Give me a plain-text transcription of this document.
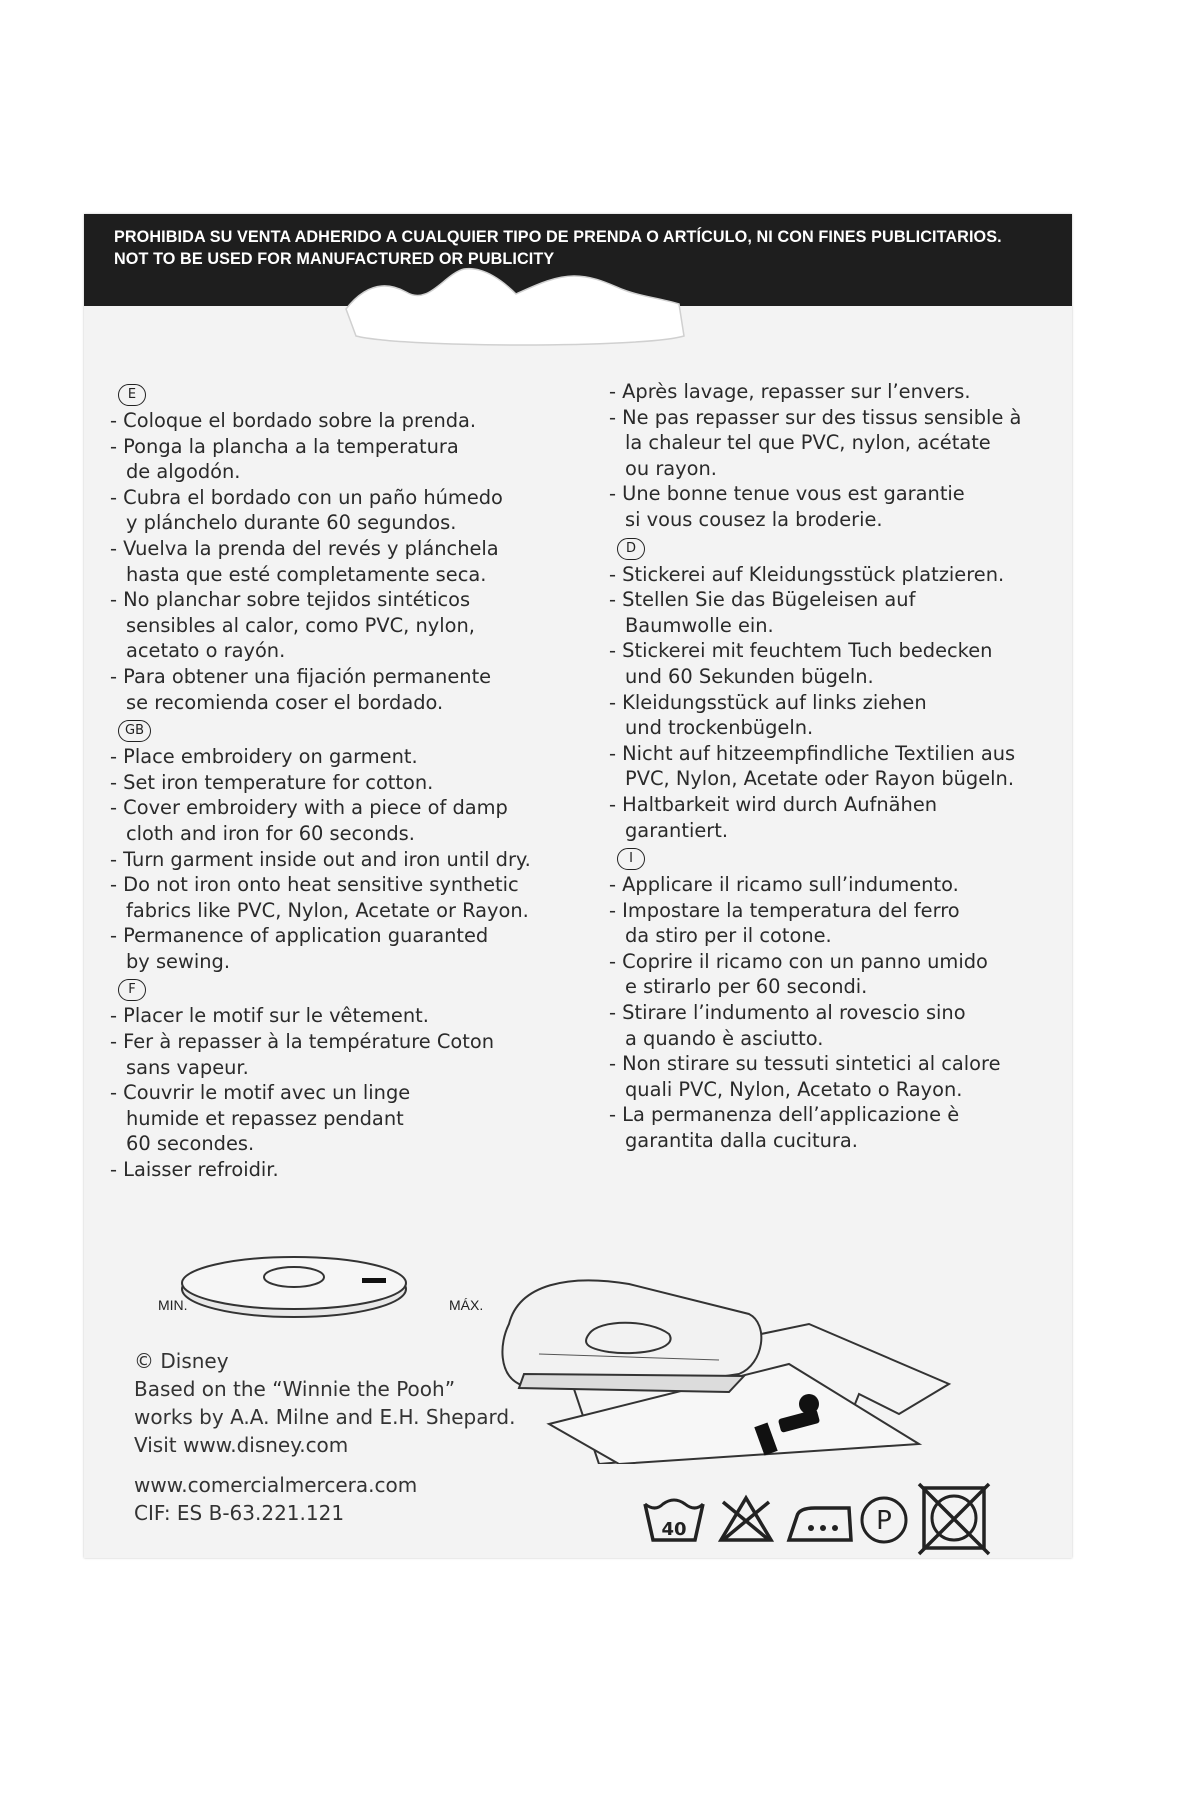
PROHIBIDA SU VENTA ADHERIDO A CUALQUIER TIPO DE PRENDA O ARTÍCULO, NI CON FINES PUBLICITARIOS.
NOT TO BE USED FOR MANUFACTURED OR PUBLICITY
E
- Coloque el bordado sobre la prenda.
- Ponga la plancha a la temperatura
de algodón.
- Cubra el bordado con un paño húmedo
y plánchelo durante 60 segundos.
- Vuelva la prenda del revés y plánchela
hasta que esté completamente seca.
- No planchar sobre tejidos sintéticos
sensibles al calor, como PVC, nylon,
acetato o rayón.
- Para obtener una fijación permanente
se recomienda coser el bordado.
GB
- Place embroidery on garment.
- Set iron temperature for cotton.
- Cover embroidery with a piece of damp
cloth and iron for 60 seconds.
- Turn garment inside out and iron until dry.
- Do not iron onto heat sensitive synthetic
fabrics like PVC, Nylon, Acetate or Rayon.
- Permanence of application guaranted
by sewing.
F
- Placer le motif sur le vêtement.
- Fer à repasser à la température Coton
sans vapeur.
- Couvrir le motif avec un linge
humide et repassez pendant
60 secondes.
- Laisser refroidir.
- Après lavage, repasser sur l’envers.
- Ne pas repasser sur des tissus sensible à
la chaleur tel que PVC, nylon, acétate
ou rayon.
- Une bonne tenue vous est garantie
si vous cousez la broderie.
D
- Stickerei auf Kleidungsstück platzieren.
- Stellen Sie das Bügeleisen auf
Baumwolle ein.
- Stickerei mit feuchtem Tuch bedecken
und 60 Sekunden bügeln.
- Kleidungsstück auf links ziehen
und trockenbügeln.
- Nicht auf hitzeempfindliche Textilien aus
PVC, Nylon, Acetate oder Rayon bügeln.
- Haltbarkeit wird durch Aufnähen
garantiert.
I
- Applicare il ricamo sull’indumento.
- Impostare la temperatura del ferro
da stiro per il cotone.
- Coprire il ricamo con un panno umido
e stirarlo per 60 secondi.
- Stirare l’indumento al rovescio sino
a quando è asciutto.
- Non stirare su tessuti sintetici al calore
quali PVC, Nylon, Acetato o Rayon.
- La permanenza dell’applicazione è
garantita dalla cucitura.
MIN.	MÁX.
© Disney
Based on the “Winnie the Pooh”
works by A.A. Milne and E.H. Shepard.
Visit www.disney.com
www.comercialmercera.com
CIF: ES B-63.221.121
40	P
